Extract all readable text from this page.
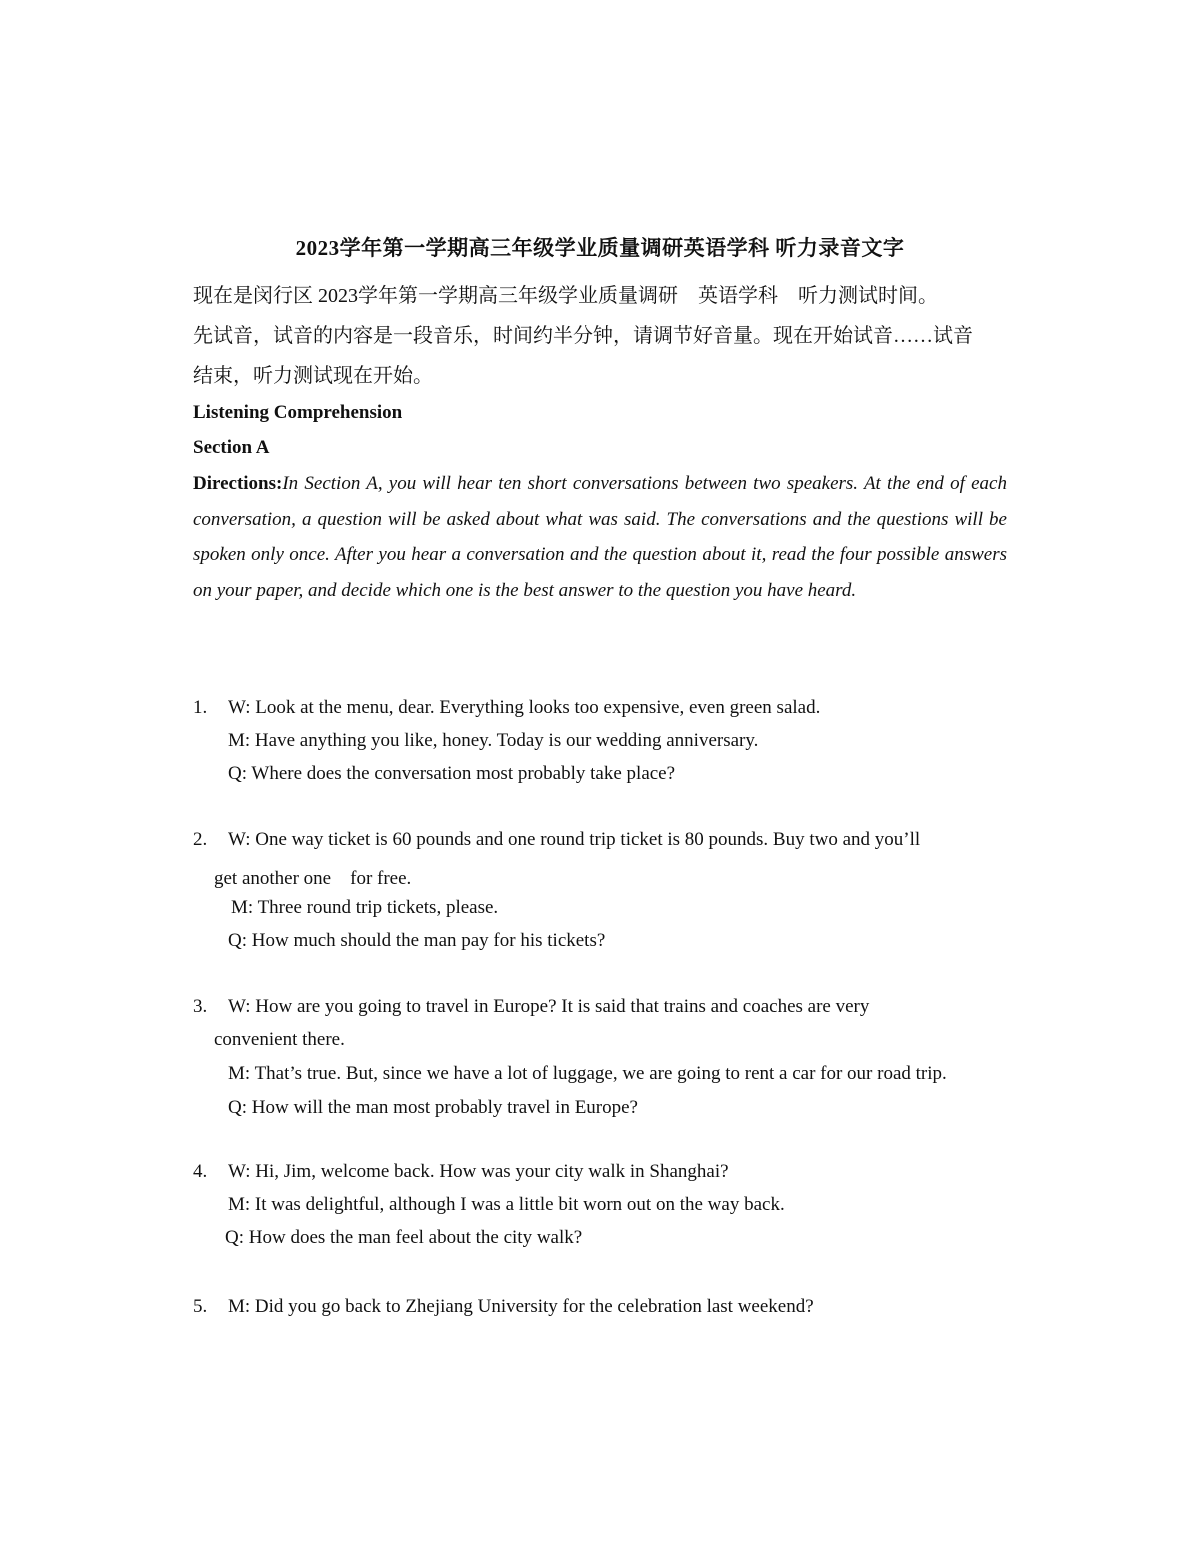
2023学年第一学期高三年级学业质量调研英语学科 听力录音文字
现在是闵行区 2023学年第一学期高三年级学业质量调研　英语学科　听力测试时间。
先试音，试音的内容是一段音乐，时间约半分钟，请调节好音量。现在开始试音……试音
结束，听力测试现在开始。
Listening Comprehension
Section A
Directions:In Section A, you will hear ten short conversations between two speakers. At the end of each conversation, a question will be asked about what was said. The conversations and the questions will be spoken only once. After you hear a conversation and the question about it, read the four possible answers on your paper, and decide which one is the best answer to the question you have heard.
1. W: Look at the menu, dear. Everything looks too expensive, even green salad.
M: Have anything you like, honey. Today is our wedding anniversary.
Q: Where does the conversation most probably take place?
2. W: One way ticket is 60 pounds and one round trip ticket is 80 pounds. Buy two and you’ll
get another one　for free.
M: Three round trip tickets, please.
Q: How much should the man pay for his tickets?
3. W: How are you going to travel in Europe? It is said that trains and coaches are very
convenient there.
M: That’s true. But, since we have a lot of luggage, we are going to rent a car for our road trip.
Q: How will the man most probably travel in Europe?
4. W: Hi, Jim, welcome back. How was your city walk in Shanghai?
M: It was delightful, although I was a little bit worn out on the way back.
Q: How does the man feel about the city walk?
5. M: Did you go back to Zhejiang University for the celebration last weekend?
